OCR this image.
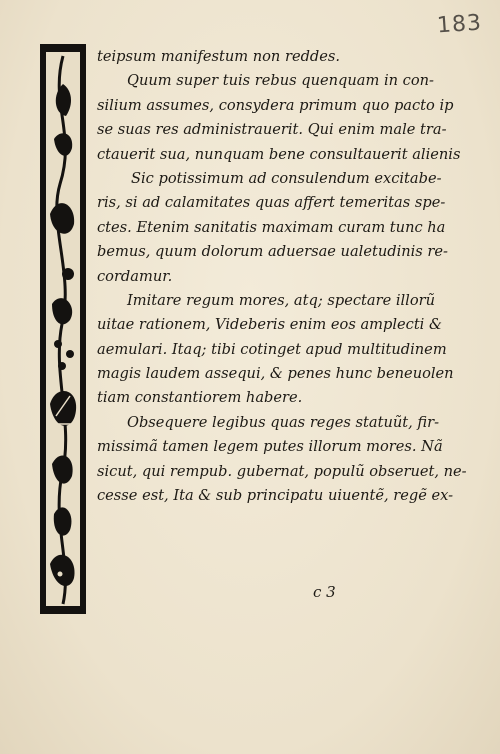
183
teipsum manifestum non reddes.
Quum super tuis rebus quenquam in con-
silium assumes, consydera primum quo pacto ip
se suas res administrauerit. Qui enim male tra-
ctauerit sua, nunquam bene consultauerit alienis
Sic potissimum ad consulendum excitabe-
ris, si ad calamitates quas affert temeritas spe-
ctes. Etenim sanitatis maximam curam tunc ha
bemus, quum dolorum aduersae ualetudinis re-
cordamur.
Imitare regum mores, atq; spectare illorũ
uitae rationem, Videberis enim eos amplecti &
aemulari. Itaq; tibi cotinget apud multitudinem
magis laudem assequi, & penes hunc beneuolen
tiam constantiorem habere.
Obsequere legibus quas reges statuũt, fir-
missimã tamen legem putes illorum mores. Nã
sicut, qui rempub. gubernat, populũ obseruet, ne-
cesse est, Ita & sub principatu uiuentẽ, regẽ ex-
c 3
